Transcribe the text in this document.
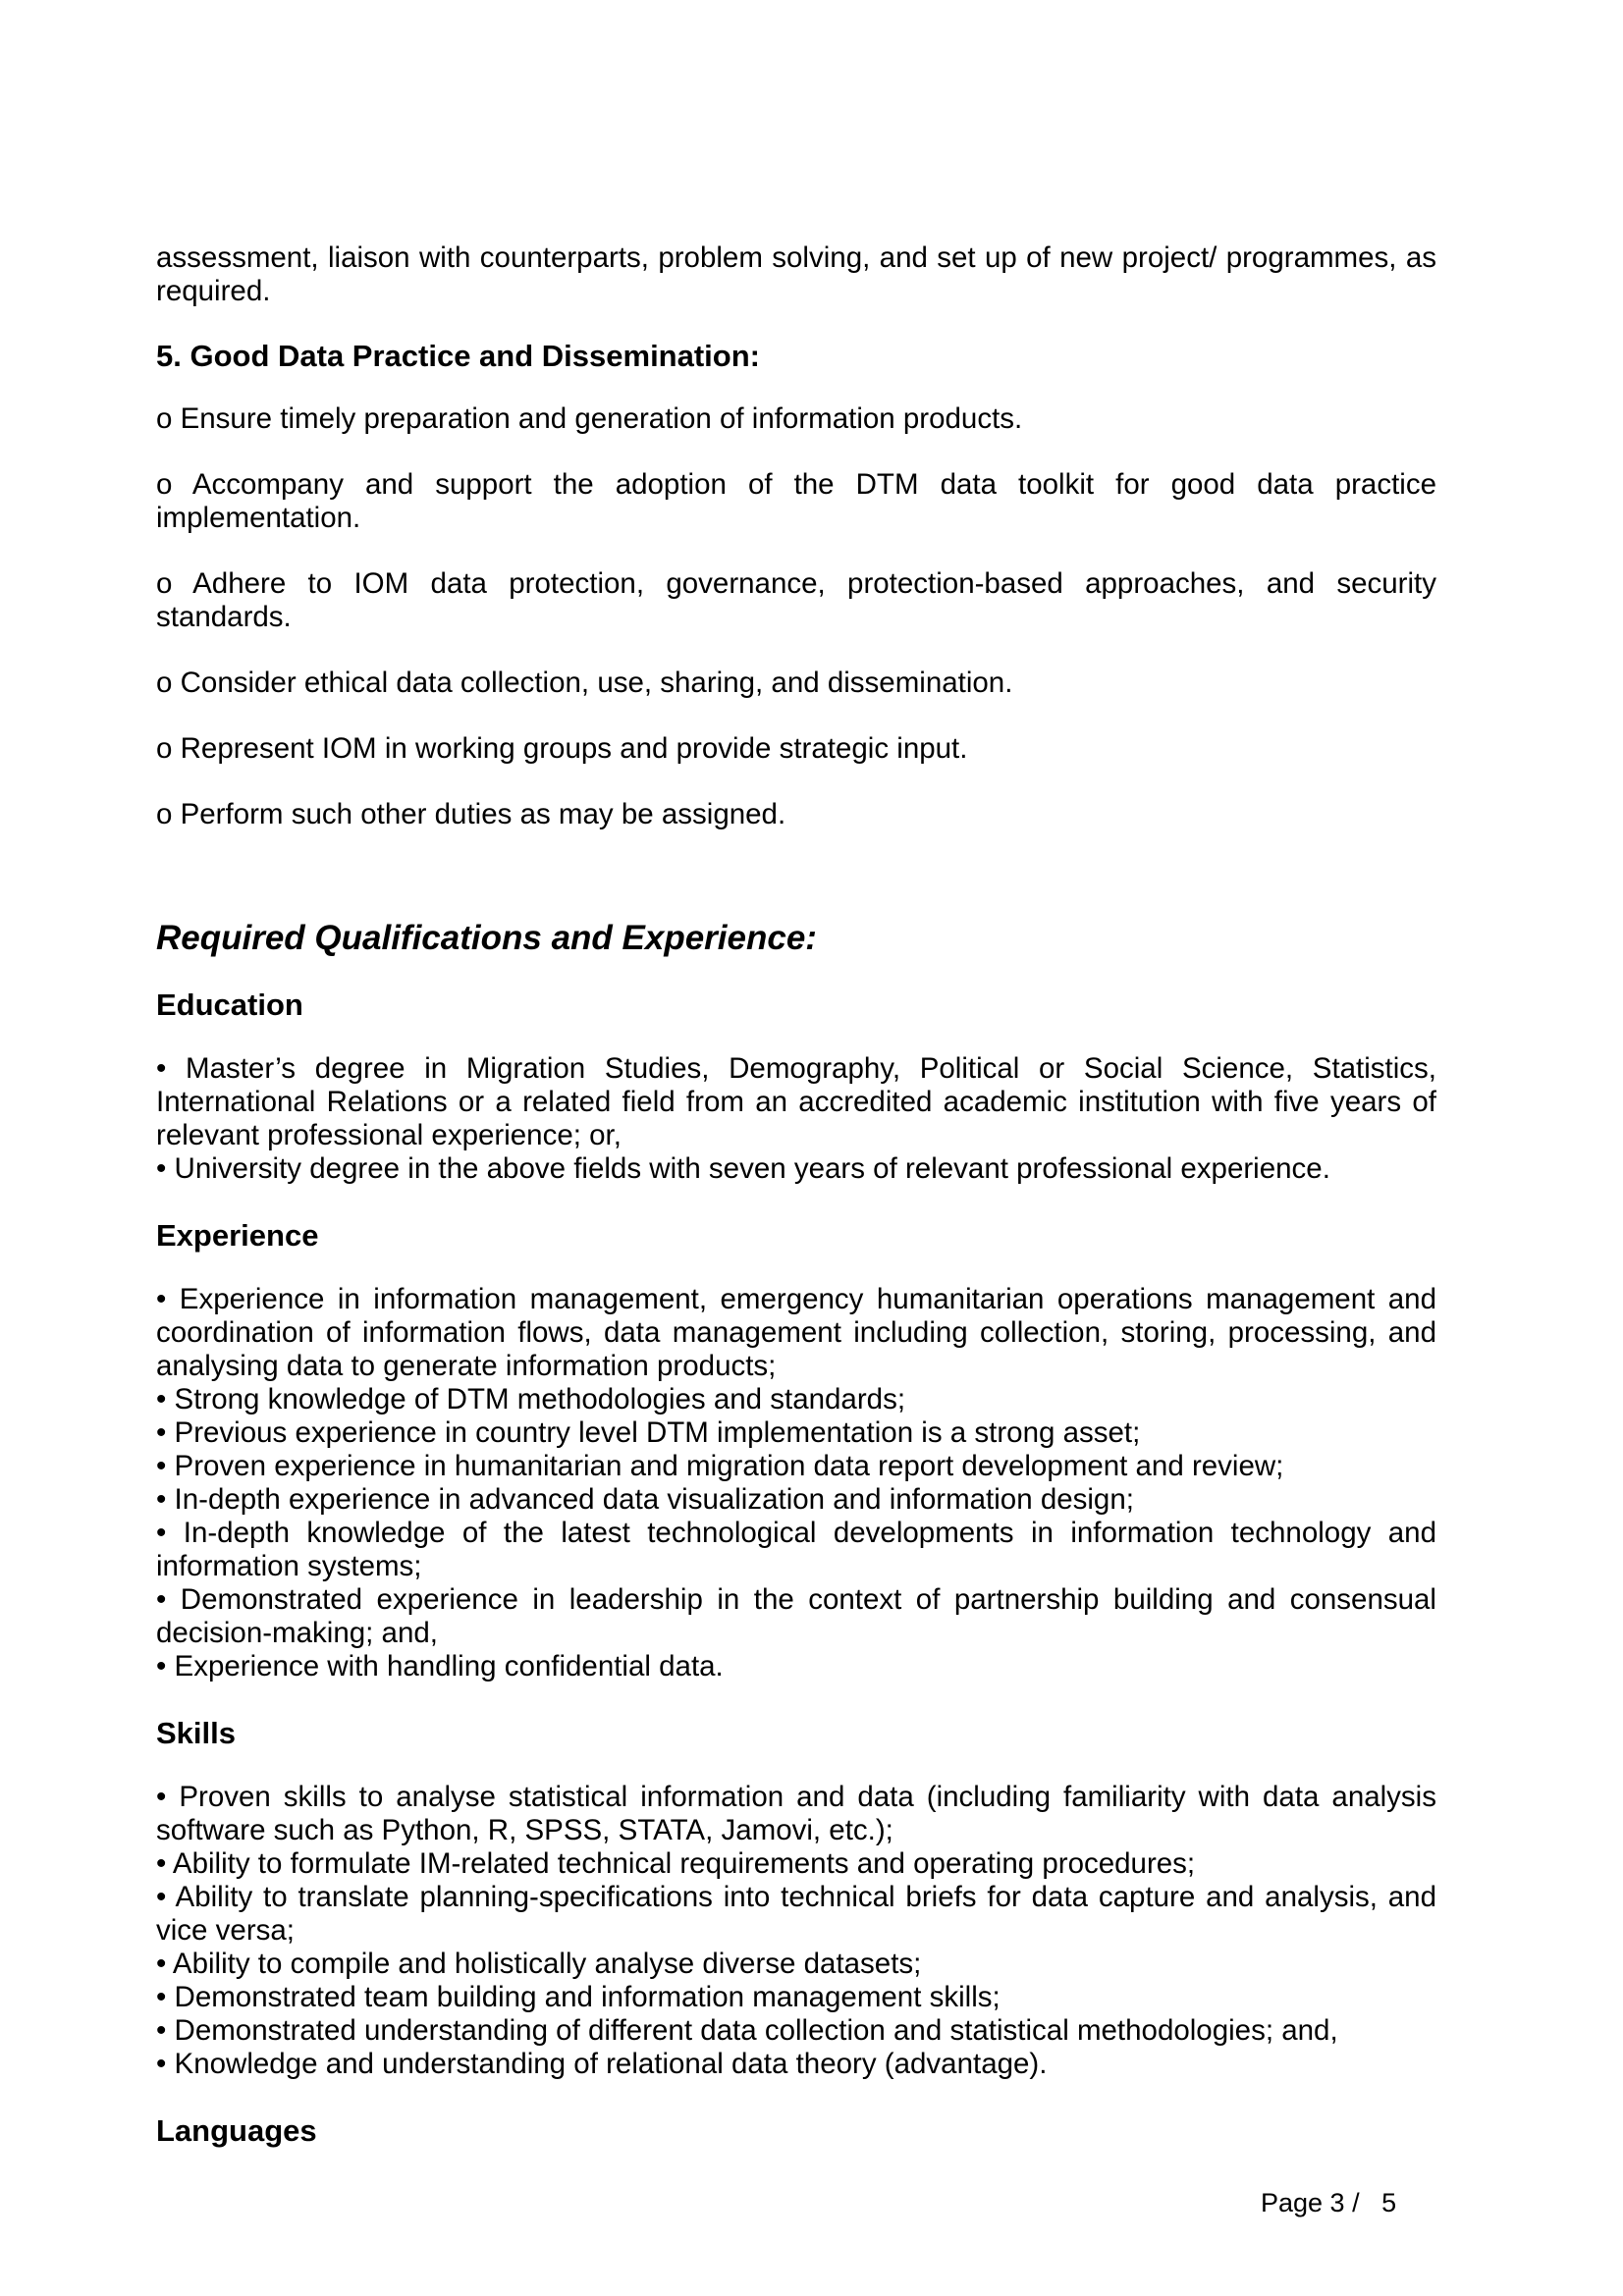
assessment, liaison with counterparts, problem solving, and set up of new project/ programmes, as required.

5. Good Data Practice and Dissemination:

o Ensure timely preparation and generation of information products.

o Accompany and support the adoption of the DTM data toolkit for good data practice implementation.

o Adhere to IOM data protection, governance, protection-based approaches, and security standards.

o Consider ethical data collection, use, sharing, and dissemination.

o Represent IOM in working groups and provide strategic input.

o Perform such other duties as may be assigned.

Required Qualifications and Experience:
Education

• Master’s degree in Migration Studies, Demography, Political or Social Science, Statistics, International Relations or a related field from an accredited academic institution with five years of relevant professional experience; or,

• University degree in the above fields with seven years of relevant professional experience.

Experience

• Experience in information management, emergency humanitarian operations management and coordination of information flows, data management including collection, storing, processing, and analysing data to generate information products;

• Strong knowledge of DTM methodologies and standards;

• Previous experience in country level DTM implementation is a strong asset;

• Proven experience in humanitarian and migration data report development and review;

• In-depth experience in advanced data visualization and information design;

• In-depth knowledge of the latest technological developments in information technology and information systems;

• Demonstrated experience in leadership in the context of partnership building and consensual decision-making; and,

• Experience with handling confidential data.

Skills

• Proven skills to analyse statistical information and data (including familiarity with data analysis software such as Python, R, SPSS, STATA, Jamovi, etc.);

• Ability to formulate IM-related technical requirements and operating procedures;

• Ability to translate planning-specifications into technical briefs for data capture and analysis, and vice versa;

• Ability to compile and holistically analyse diverse datasets;

• Demonstrated team building and information management skills;

• Demonstrated understanding of different data collection and statistical methodologies; and,

• Knowledge and understanding of relational data theory (advantage).

Languages
Page 3 /   5
